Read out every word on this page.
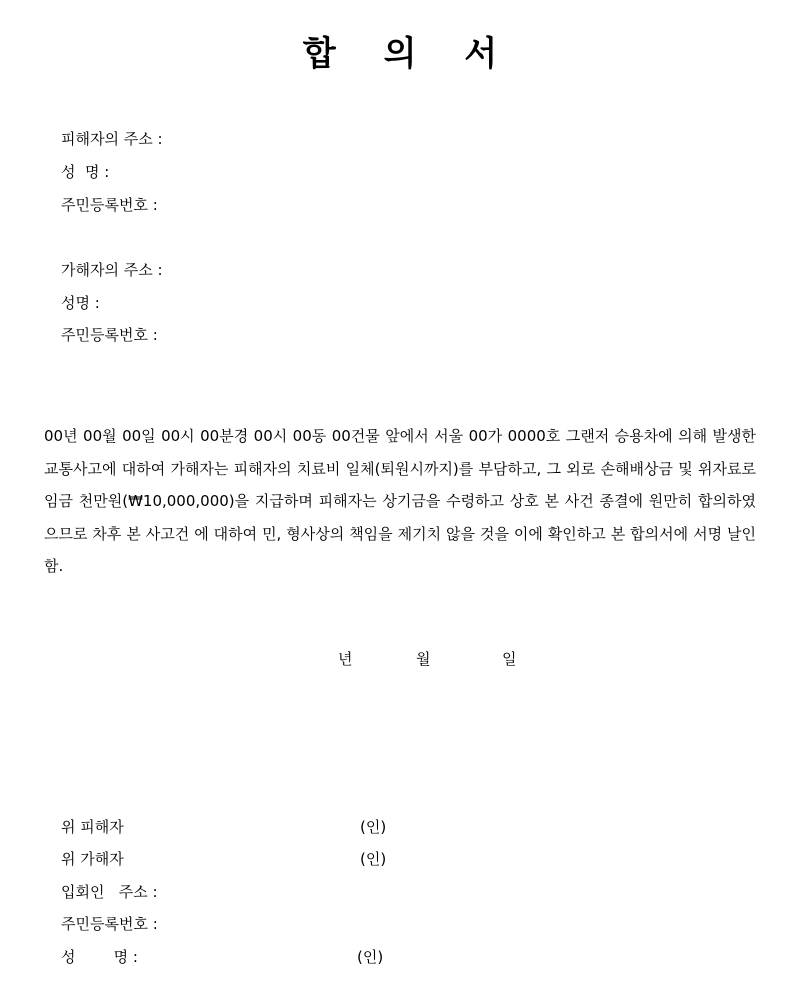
합 의 서
피해자의 주소 :
성  명 :
주민등록번호 :
가해자의 주소 :
성명 :
주민등록번호 :
00년 00월 00일 00시 00분경 00시 00동 00건물 앞에서 서울 00가 0000호 그랜저 승용차에 의해 발생한 교통사고에 대하여 가해자는 피해자의 치료비 일체(퇴원시까지)를 부담하고, 그 외로 손해배상금 및 위자료로 임금 천만원(₩10,000,000)을 지급하며 피해자는 상기금을 수령하고 상호 본 사건 종결에 원만히 합의하였으므로 차후 본 사고건 에 대하여 민, 형사상의 책임을 제기치 않을 것을 이에 확인하고 본 합의서에 서명 날인함.
년	월	일
위 피해자	(인)
위 가해자	(인)
입회인   주소 :
주민등록번호 :
성        명 :	(인)
